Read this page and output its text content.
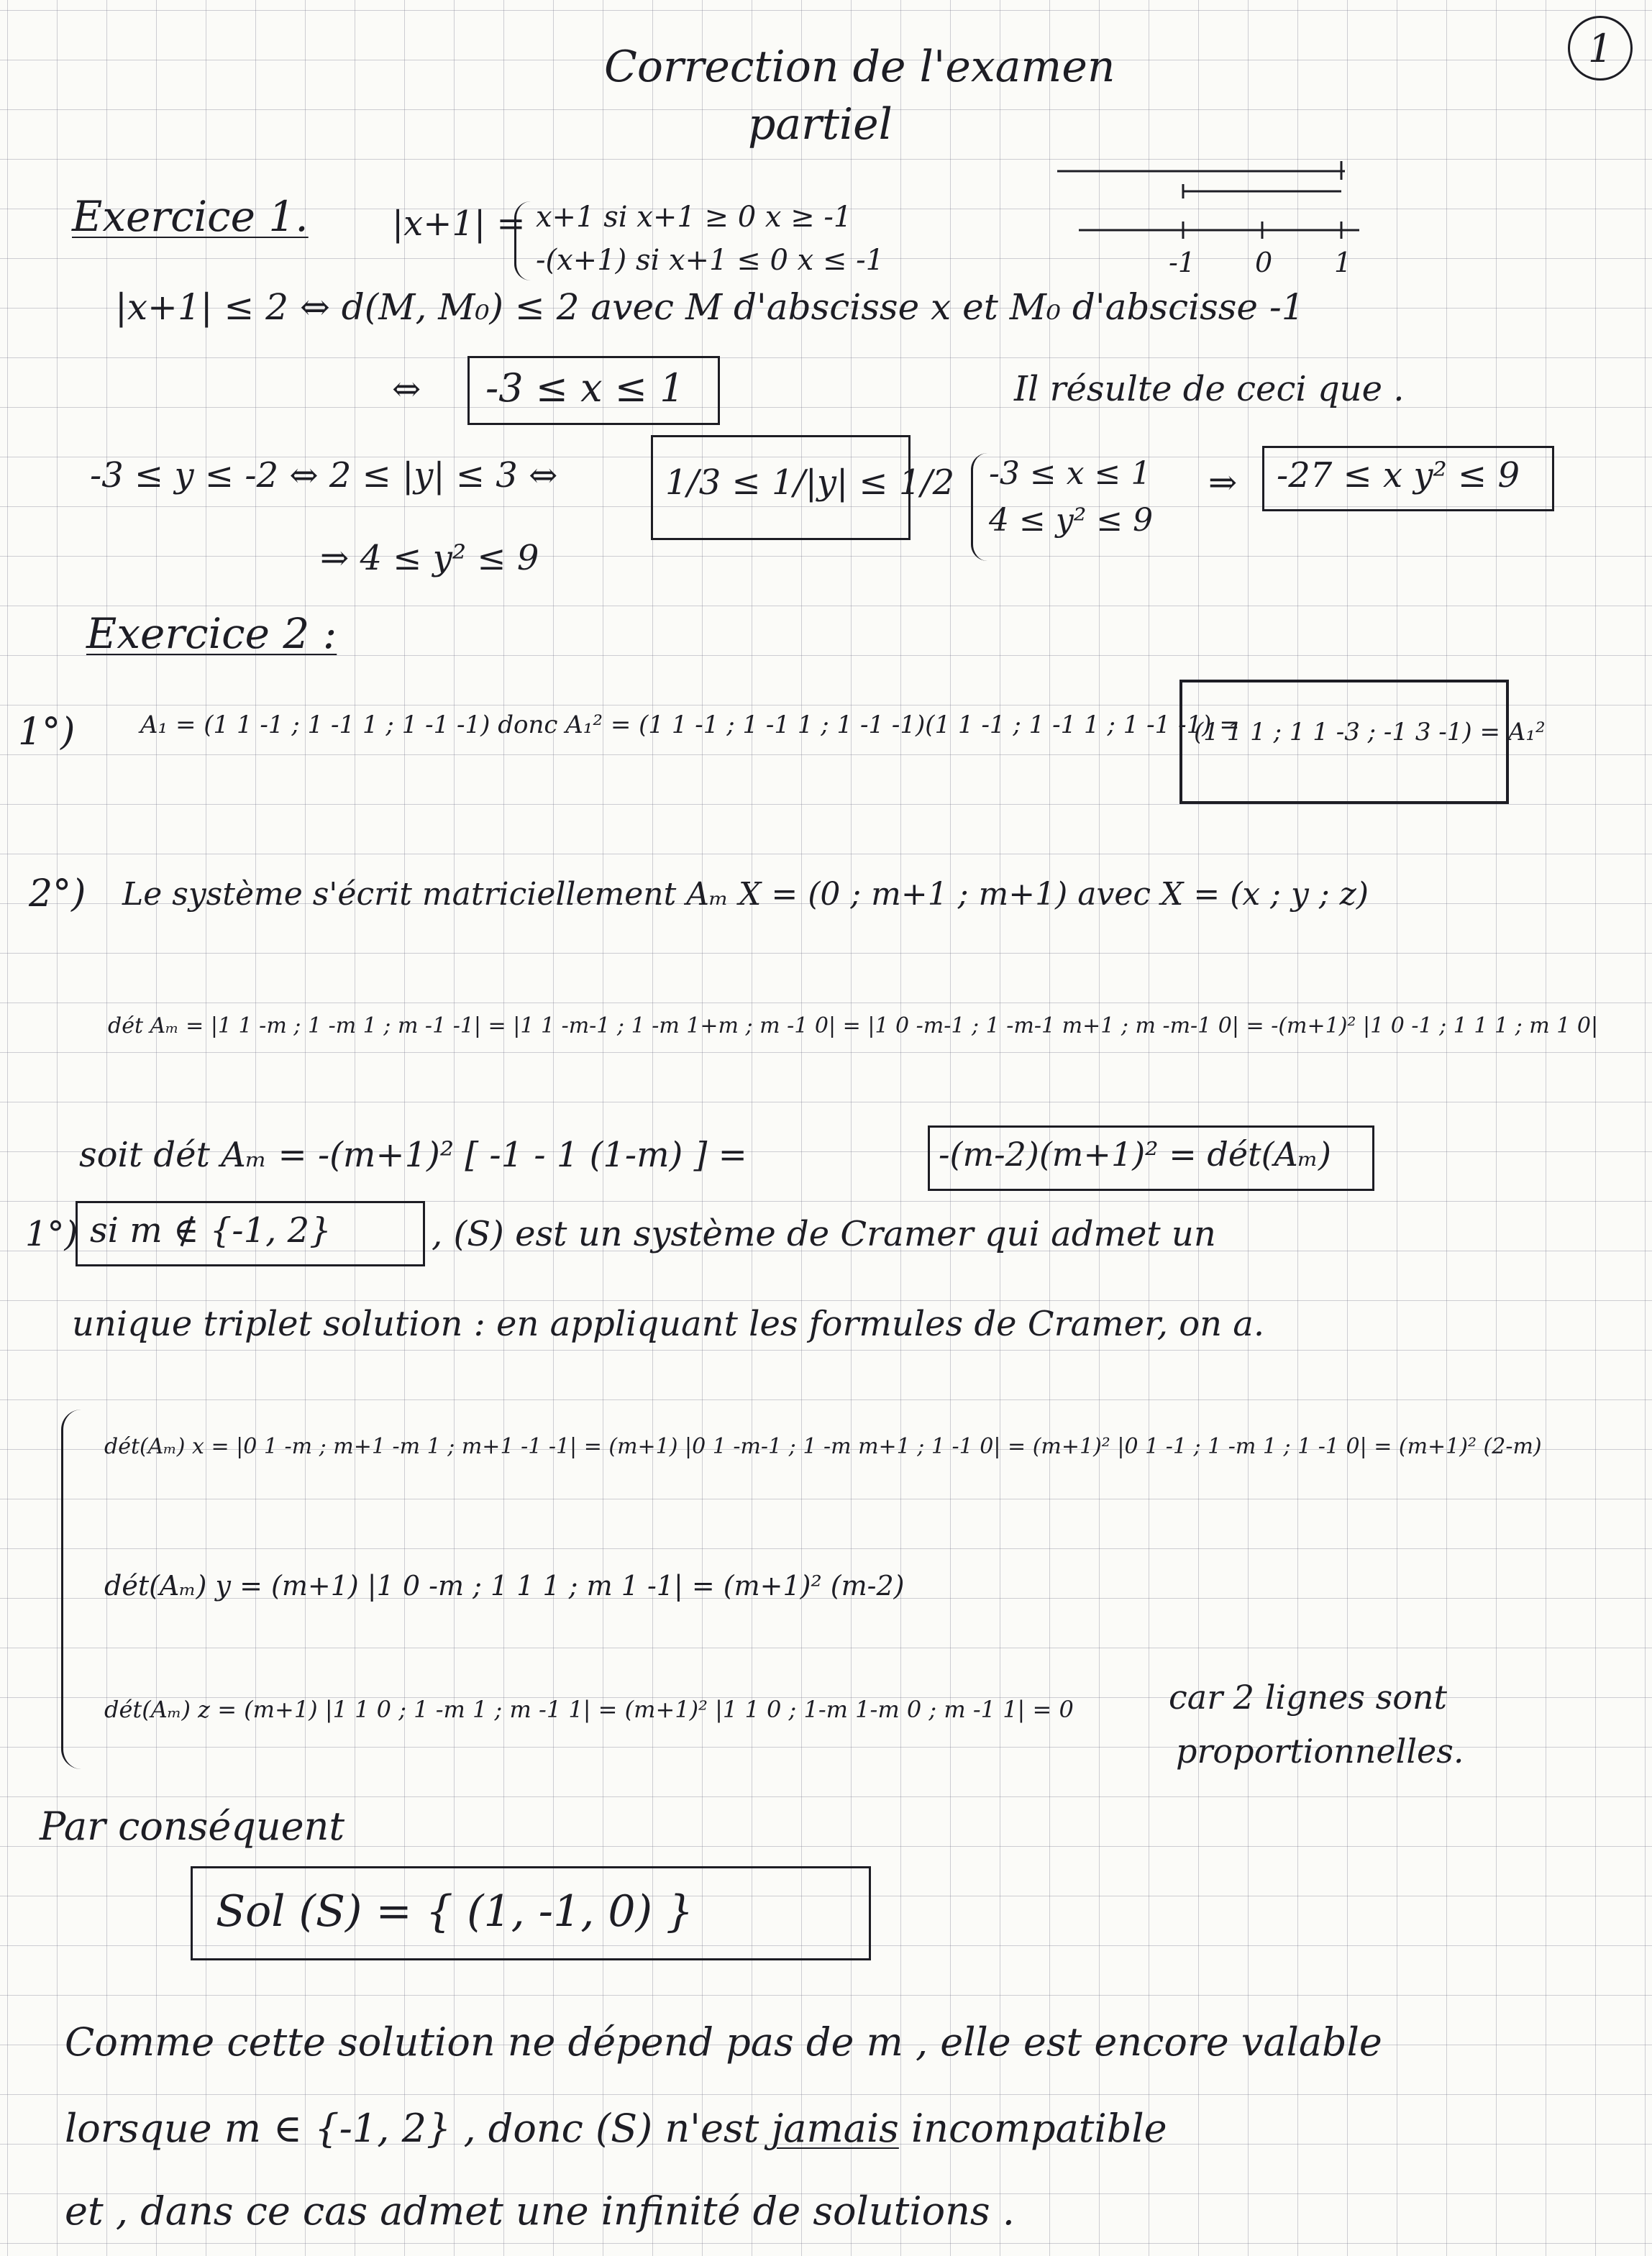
1
Correction de l'examen
partiel
Exercice 1. |x+1| = x+1 si x+1 ≥ 0 x ≥ -1
-(x+1) si x+1 ≤ 0 x ≤ -1	-1 0 1
|x+1| ≤ 2 ⇔ d(M, M₀) ≤ 2 avec M d'abscisse x et M₀ d'abscisse -1
⇔ -3 ≤ x ≤ 1	Il résulte de ceci que .
-3 ≤ y ≤ -2 ⇔ 2 ≤ |y| ≤ 3 ⇔	1/3 ≤ 1/|y| ≤ 1/2 -3 ≤ x ≤ 1
4 ≤ y² ≤ 9
⇒ -27 ≤ x y² ≤ 9
⇒ 4 ≤ y² ≤ 9
Exercice 2 :
1°)	A₁ = (1 1 -1 ; 1 -1 1 ; 1 -1 -1) donc A₁² = (1 1 -1 ; 1 -1 1 ; 1 -1 -1)(1 1 -1 ; 1 -1 1 ; 1 -1 -1) =
(1 1 1 ; 1 1 -3 ; -1 3 -1) = A₁²
2°) Le système s'écrit matriciellement Aₘ X = (0 ; m+1 ; m+1) avec X = (x ; y ; z)
dét Aₘ = |1 1 -m ; 1 -m 1 ; m -1 -1| = |1 1 -m-1 ; 1 -m 1+m ; m -1 0| = |1 0 -m-1 ; 1 -m-1 m+1 ; m -m-1 0| = -(m+1)² |1 0 -1 ; 1 1 1 ; m 1 0|
soit dét Aₘ = -(m+1)² [ -1 - 1 (1-m) ] =	-(m-2)(m+1)² = dét(Aₘ)
1°) si m ∉ {-1, 2}	, (S) est un système de Cramer qui admet un
unique triplet solution : en appliquant les formules de Cramer, on a.
dét(Aₘ) x = |0 1 -m ; m+1 -m 1 ; m+1 -1 -1| = (m+1) |0 1 -m-1 ; 1 -m m+1 ; 1 -1 0| = (m+1)² |0 1 -1 ; 1 -m 1 ; 1 -1 0| = (m+1)² (2-m)
dét(Aₘ) y = (m+1) |1 0 -m ; 1 1 1 ; m 1 -1| = (m+1)² (m-2)
dét(Aₘ) z = (m+1) |1 1 0 ; 1 -m 1 ; m -1 1| = (m+1)² |1 1 0 ; 1-m 1-m 0 ; m -1 1| = 0	car 2 lignes sont
proportionnelles.
Par conséquent
Sol (S) = { (1, -1, 0) }
Comme cette solution ne dépend pas de m , elle est encore valable
lorsque m ∈ {-1, 2} , donc (S) n'est jamais incompatible
et , dans ce cas admet une infinité de solutions .
